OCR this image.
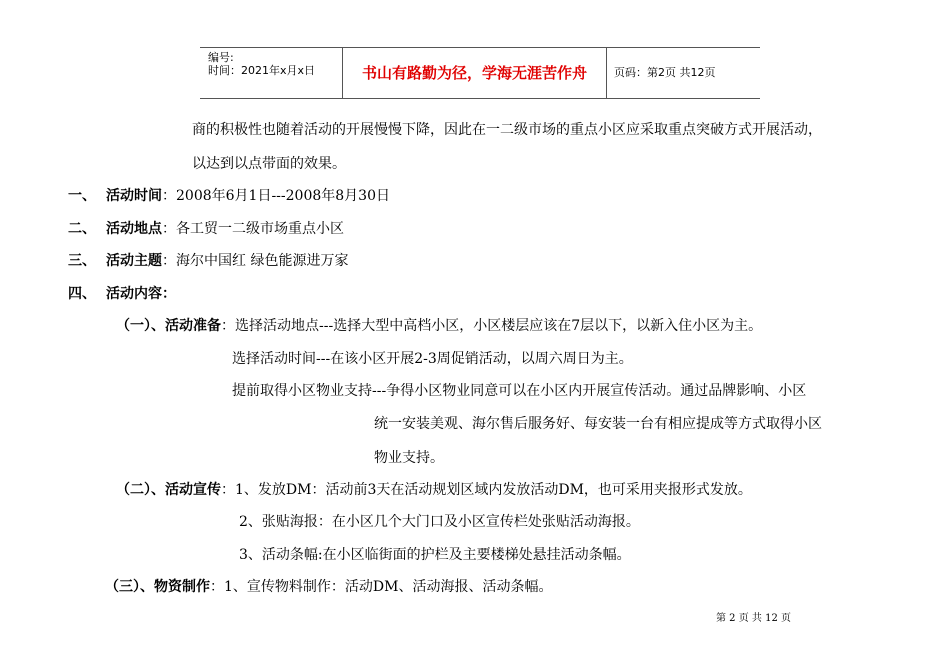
编号:
时间：2021年x月x日	书山有路勤为径，学海无涯苦作舟	页码：第2页 共12页
商的积极性也随着活动的开展慢慢下降，因此在一二级市场的重点小区应采取重点突破方式开展活动，
以达到以点带面的效果。
一、 活动时间：2008年6月1日---2008年8月30日
二、 活动地点：各工贸一二级市场重点小区
三、 活动主题：海尔中国红 绿色能源进万家
四、 活动内容：
（一）、活动准备：选择活动地点---选择大型中高档小区，小区楼层应该在7层以下，以新入住小区为主。
选择活动时间---在该小区开展2-3周促销活动，以周六周日为主。
提前取得小区物业支持---争得小区物业同意可以在小区内开展宣传活动。通过品牌影响、小区
统一安装美观、海尔售后服务好、每安装一台有相应提成等方式取得小区
物业支持。
（二）、活动宣传：1、发放DM：活动前3天在活动规划区域内发放活动DM，也可采用夹报形式发放。
2、张贴海报：在小区几个大门口及小区宣传栏处张贴活动海报。
3、活动条幅:在小区临街面的护栏及主要楼梯处悬挂活动条幅。
（三）、物资制作：1、宣传物料制作：活动DM、活动海报、活动条幅。
第 2 页 共 12 页
